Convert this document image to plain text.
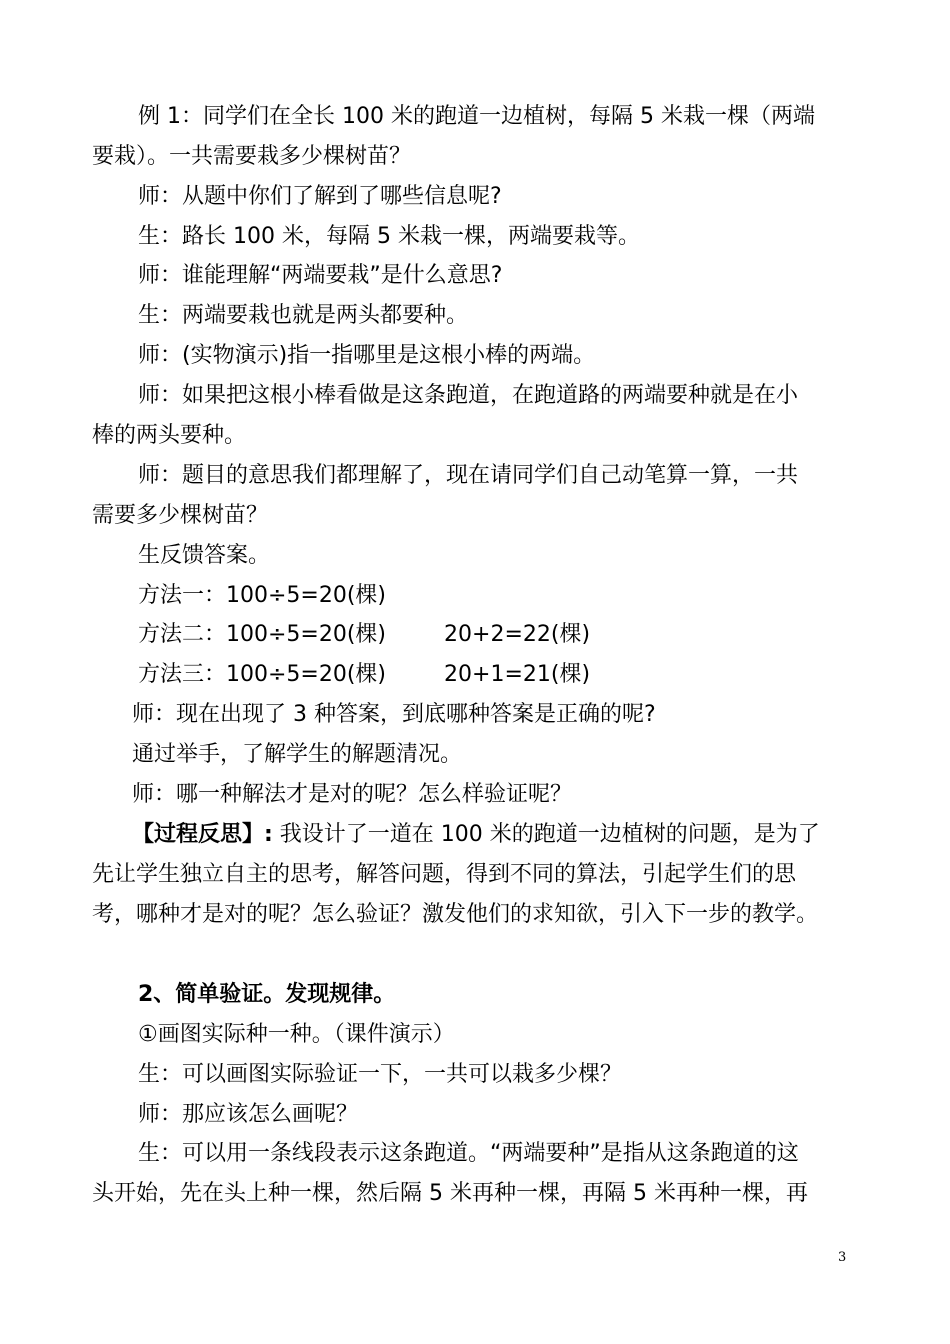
例 1：同学们在全长 100 米的跑道一边植树，每隔 5 米栽一棵（两端
要栽）。一共需要栽多少棵树苗？
师：从题中你们了解到了哪些信息呢?
生：路长 100 米，每隔 5 米栽一棵，两端要栽等。
师：谁能理解“两端要栽”是什么意思?
生：两端要栽也就是两头都要种。
师：(实物演示)指一指哪里是这根小棒的两端。
师：如果把这根小棒看做是这条跑道，在跑道路的两端要种就是在小
棒的两头要种。
师：题目的意思我们都理解了，现在请同学们自己动笔算一算，一共
需要多少棵树苗？
生反馈答案。
方法一：100÷5=20(棵)
方法二：100÷5=20(棵)	20+2=22(棵)
方法三：100÷5=20(棵)	20+1=21(棵)
师：现在出现了 3 种答案，到底哪种答案是正确的呢?
通过举手，了解学生的解题清况。
师：哪一种解法才是对的呢？怎么样验证呢？
【过程反思】: 我设计了一道在 100 米的跑道一边植树的问题，是为了
先让学生独立自主的思考，解答问题，得到不同的算法，引起学生们的思
考，哪种才是对的呢？怎么验证？激发他们的求知欲，引入下一步的教学。
2、简单验证。发现规律。
①画图实际种一种。（课件演示）
生：可以画图实际验证一下，一共可以栽多少棵？
师：那应该怎么画呢？
生：可以用一条线段表示这条跑道。“两端要种”是指从这条跑道的这
头开始，先在头上种一棵，然后隔 5 米再种一棵，再隔 5 米再种一棵，再
3
